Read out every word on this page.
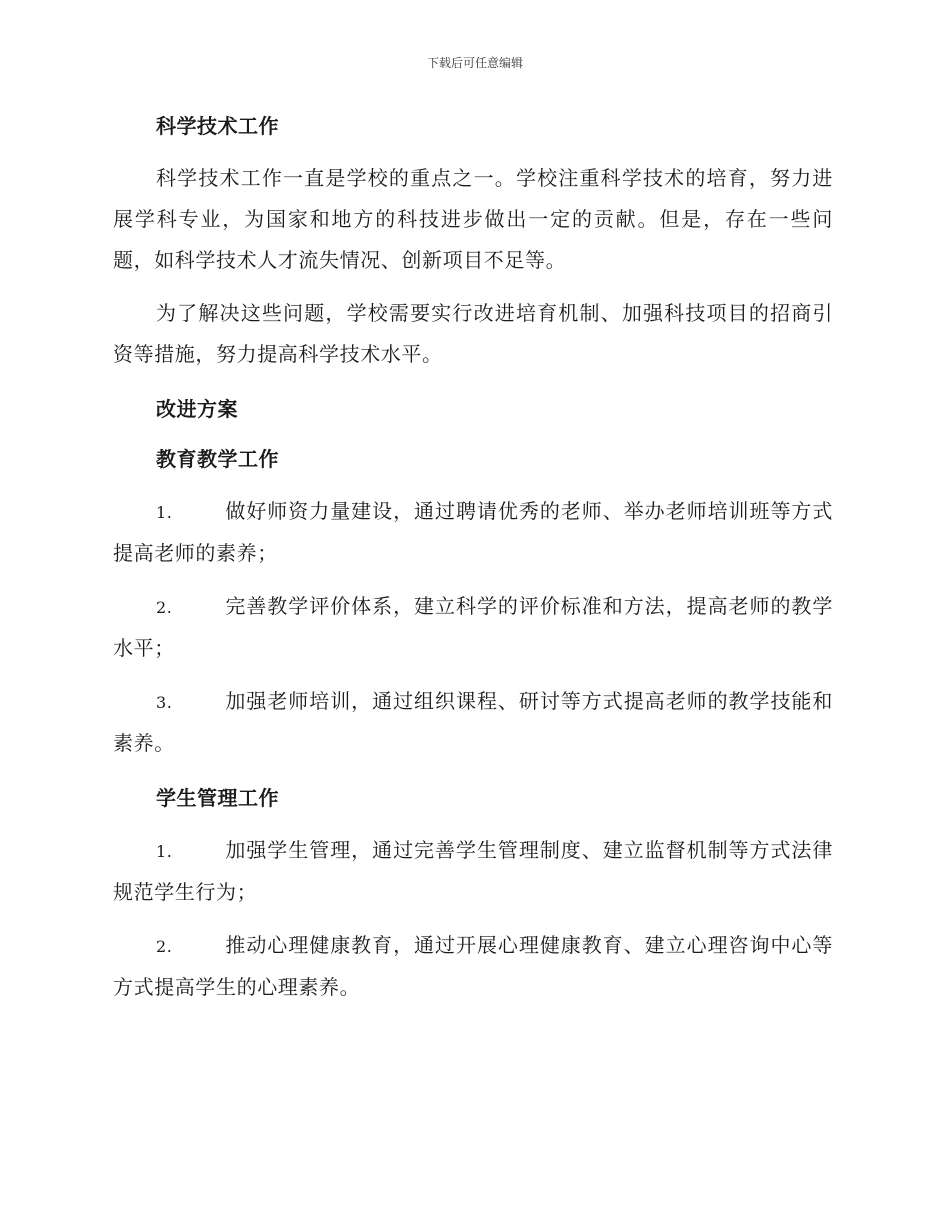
下载后可任意编辑
科学技术工作

科学技术工作一直是学校的重点之一。学校注重科学技术的培育，努力进展学科专业，为国家和地方的科技进步做出一定的贡献。但是，存在一些问题，如科学技术人才流失情况、创新项目不足等。

为了解决这些问题，学校需要实行改进培育机制、加强科技项目的招商引资等措施，努力提高科学技术水平。

改进方案
教育教学工作

1.	做好师资力量建设，通过聘请优秀的老师、举办老师培训班等方式提高老师的素养；

2.	完善教学评价体系，建立科学的评价标准和方法，提高老师的教学水平；

3.	加强老师培训，通过组织课程、研讨等方式提高老师的教学技能和素养。

学生管理工作

1.	加强学生管理，通过完善学生管理制度、建立监督机制等方式法律规范学生行为；

2.	推动心理健康教育，通过开展心理健康教育、建立心理咨询中心等方式提高学生的心理素养。
